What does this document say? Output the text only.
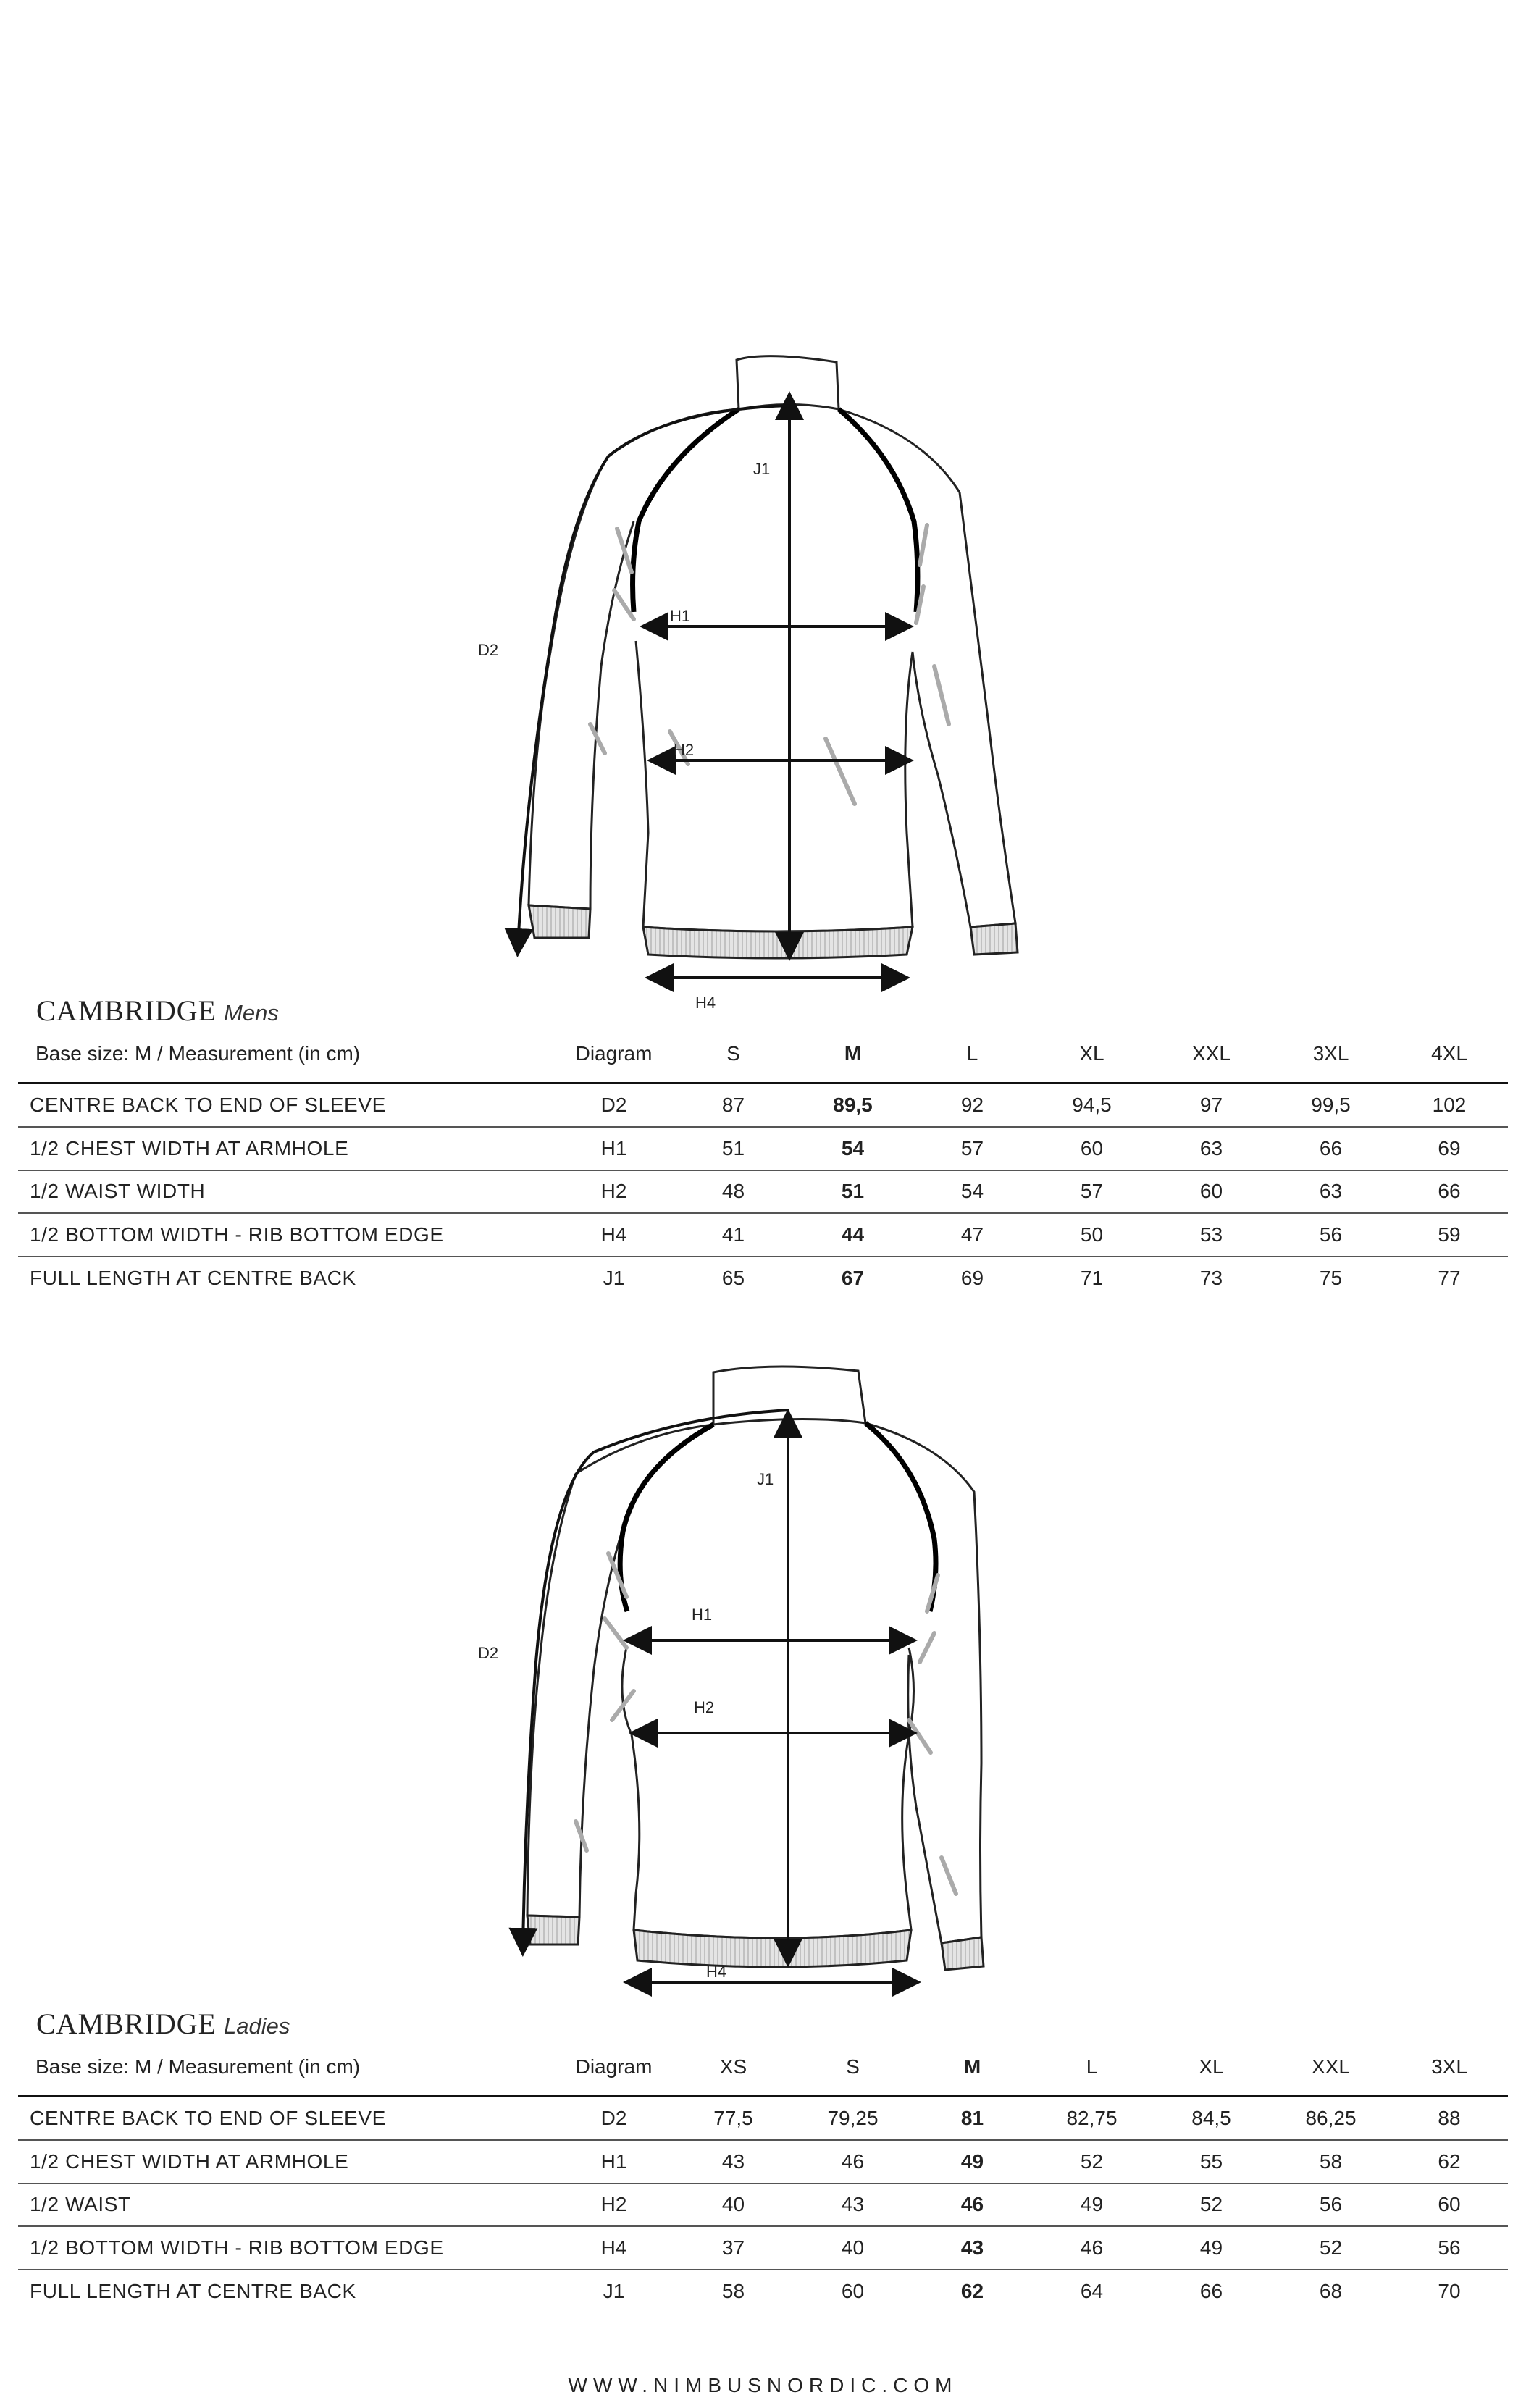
J1
H1
H2
H4
D2
CAMBRIDGE Mens
Base size: M / Measurement (in cm)	Diagram	S	M	L	XL	XXL	3XL	4XL
CENTRE BACK TO END OF SLEEVE	D2	87	89,5	92	94,5	97	99,5	102
1/2 CHEST WIDTH AT ARMHOLE	H1	51	54	57	60	63	66	69
1/2 WAIST WIDTH	H2	48	51	54	57	60	63	66
1/2 BOTTOM WIDTH - RIB BOTTOM EDGE	H4	41	44	47	50	53	56	59
FULL LENGTH AT CENTRE BACK	J1	65	67	69	71	73	75	77
J1
H1
H2
H4
D2
CAMBRIDGE Ladies
Base size: M / Measurement (in cm)	Diagram	XS	S	M	L	XL	XXL	3XL
CENTRE BACK TO END OF SLEEVE	D2	77,5	79,25	81	82,75	84,5	86,25	88
1/2 CHEST WIDTH AT ARMHOLE	H1	43	46	49	52	55	58	62
1/2 WAIST	H2	40	43	46	49	52	56	60
1/2 BOTTOM WIDTH - RIB BOTTOM EDGE	H4	37	40	43	46	49	52	56
FULL LENGTH AT CENTRE BACK	J1	58	60	62	64	66	68	70
WWW.NIMBUSNORDIC.COM
